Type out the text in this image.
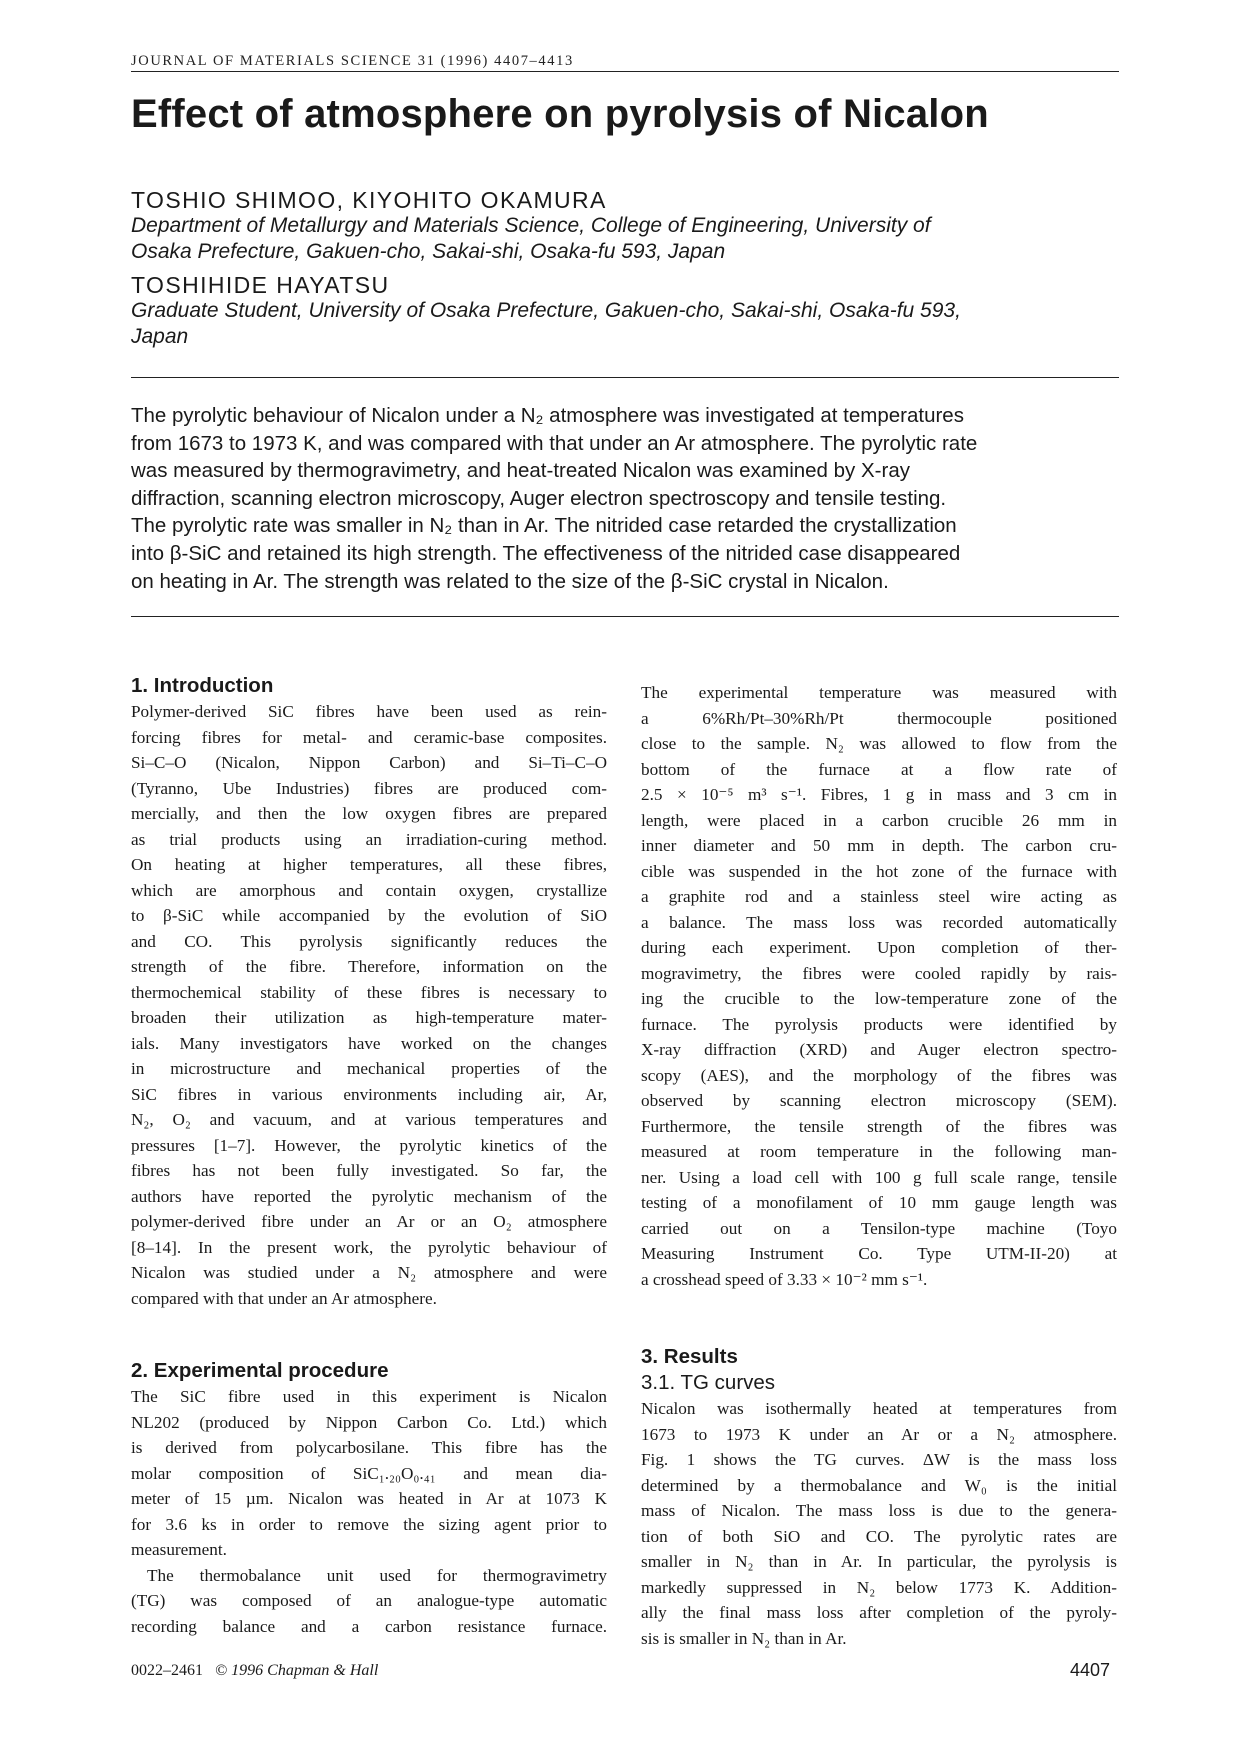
JOURNAL OF MATERIALS SCIENCE 31 (1996) 4407–4413
Effect of atmosphere on pyrolysis of Nicalon
TOSHIO SHIMOO, KIYOHITO OKAMURA
Department of Metallurgy and Materials Science, College of Engineering, University of
Osaka Prefecture, Gakuen-cho, Sakai-shi, Osaka-fu 593, Japan
TOSHIHIDE HAYATSU
Graduate Student, University of Osaka Prefecture, Gakuen-cho, Sakai-shi, Osaka-fu 593,
Japan
The pyrolytic behaviour of Nicalon under a N₂ atmosphere was investigated at temperatures
from 1673 to 1973 K, and was compared with that under an Ar atmosphere. The pyrolytic rate
was measured by thermogravimetry, and heat-treated Nicalon was examined by X-ray
diffraction, scanning electron microscopy, Auger electron spectroscopy and tensile testing.
The pyrolytic rate was smaller in N₂ than in Ar. The nitrided case retarded the crystallization
into β-SiC and retained its high strength. The effectiveness of the nitrided case disappeared
on heating in Ar. The strength was related to the size of the β-SiC crystal in Nicalon.
1. Introduction
Polymer-derived SiC fibres have been used as rein-
forcing fibres for metal- and ceramic-base composites.
Si–C–O (Nicalon, Nippon Carbon) and Si–Ti–C–O
(Tyranno, Ube Industries) fibres are produced com-
mercially, and then the low oxygen fibres are prepared
as trial products using an irradiation-curing method.
On heating at higher temperatures, all these fibres,
which are amorphous and contain oxygen, crystallize
to β-SiC while accompanied by the evolution of SiO
and CO. This pyrolysis significantly reduces the
strength of the fibre. Therefore, information on the
thermochemical stability of these fibres is necessary to
broaden their utilization as high-temperature mater-
ials. Many investigators have worked on the changes
in microstructure and mechanical properties of the
SiC fibres in various environments including air, Ar,
N₂, O₂ and vacuum, and at various temperatures and
pressures [1–7]. However, the pyrolytic kinetics of the
fibres has not been fully investigated. So far, the
authors have reported the pyrolytic mechanism of the
polymer-derived fibre under an Ar or an O₂ atmosphere
[8–14]. In the present work, the pyrolytic behaviour of
Nicalon was studied under a N₂ atmosphere and were
compared with that under an Ar atmosphere.
2. Experimental procedure
The SiC fibre used in this experiment is Nicalon
NL202 (produced by Nippon Carbon Co. Ltd.) which
is derived from polycarbosilane. This fibre has the
molar composition of SiC₁.₂₀O₀.₄₁ and mean dia-
meter of 15 µm. Nicalon was heated in Ar at 1073 K
for 3.6 ks in order to remove the sizing agent prior to
measurement.
The thermobalance unit used for thermogravimetry
(TG) was composed of an analogue-type automatic
recording balance and a carbon resistance furnace.
The experimental temperature was measured with
a 6%Rh/Pt–30%Rh/Pt thermocouple positioned
close to the sample. N₂ was allowed to flow from the
bottom of the furnace at a flow rate of
2.5 × 10⁻⁵ m³ s⁻¹. Fibres, 1 g in mass and 3 cm in
length, were placed in a carbon crucible 26 mm in
inner diameter and 50 mm in depth. The carbon cru-
cible was suspended in the hot zone of the furnace with
a graphite rod and a stainless steel wire acting as
a balance. The mass loss was recorded automatically
during each experiment. Upon completion of ther-
mogravimetry, the fibres were cooled rapidly by rais-
ing the crucible to the low-temperature zone of the
furnace. The pyrolysis products were identified by
X-ray diffraction (XRD) and Auger electron spectro-
scopy (AES), and the morphology of the fibres was
observed by scanning electron microscopy (SEM).
Furthermore, the tensile strength of the fibres was
measured at room temperature in the following man-
ner. Using a load cell with 100 g full scale range, tensile
testing of a monofilament of 10 mm gauge length was
carried out on a Tensilon-type machine (Toyo
Measuring Instrument Co. Type UTM-II-20) at
a crosshead speed of 3.33 × 10⁻² mm s⁻¹.
3. Results
3.1. TG curves
Nicalon was isothermally heated at temperatures from
1673 to 1973 K under an Ar or a N₂ atmosphere.
Fig. 1 shows the TG curves. ΔW is the mass loss
determined by a thermobalance and W₀ is the initial
mass of Nicalon. The mass loss is due to the genera-
tion of both SiO and CO. The pyrolytic rates are
smaller in N₂ than in Ar. In particular, the pyrolysis is
markedly suppressed in N₂ below 1773 K. Addition-
ally the final mass loss after completion of the pyroly-
sis is smaller in N₂ than in Ar.
0022–2461 © 1996 Chapman & Hall	4407
